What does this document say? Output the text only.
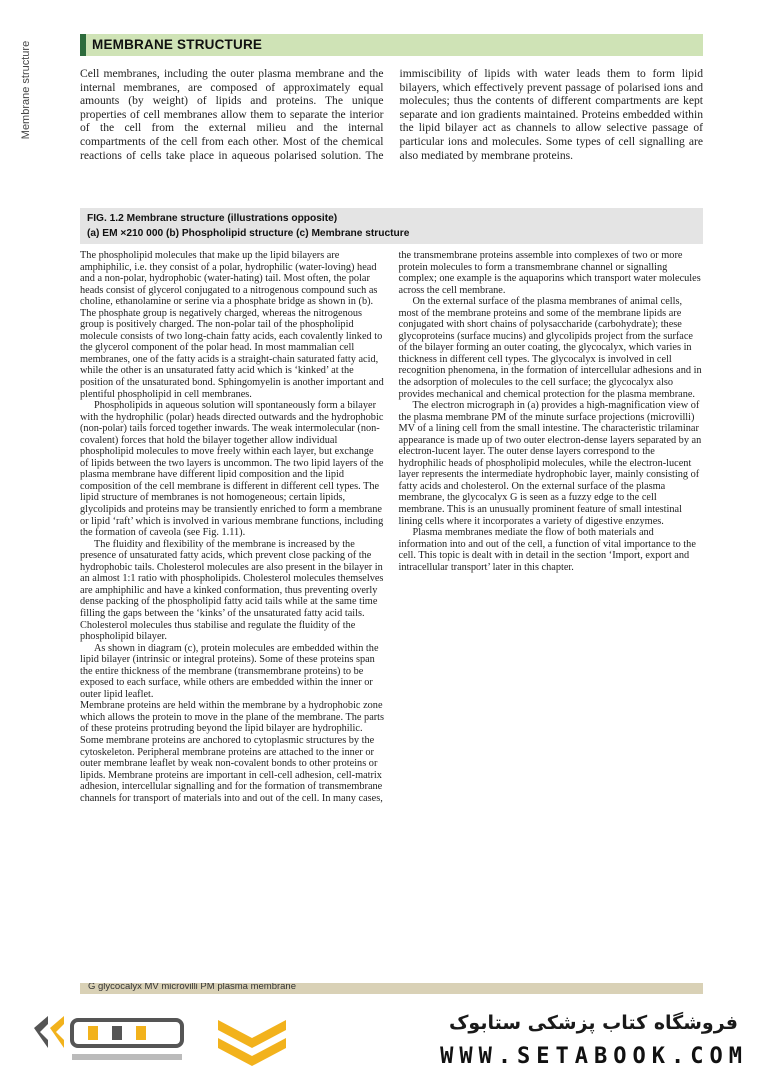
Membrane structure	MEMBRANE STRUCTURE

Cell membranes, including the outer plasma membrane and the internal membranes, are composed of approximately equal amounts (by weight) of lipids and proteins. The unique properties of cell membranes allow them to separate the interior of the cell from the external milieu and the internal compartments of the cell from each other. Most of the chemical reactions of cells take place in aqueous polarised solution. The immiscibility of lipids with water leads them to form lipid bilayers, which effectively prevent passage of polarised ions and molecules; thus the contents of different compartments are kept separate and ion gradients maintained. Proteins embedded within the lipid bilayer act as channels to allow selective passage of particular ions and molecules. Some types of cell signalling are also mediated by membrane proteins.

FIG. 1.2 Membrane structure (illustrations opposite)
(a) EM ×210 000 (b) Phospholipid structure (c) Membrane structure

The phospholipid molecules that make up the lipid bilayers are amphiphilic, i.e. they consist of a polar, hydrophilic (water-loving) head and a non-polar, hydrophobic (water-hating) tail. Most often, the polar heads consist of glycerol conjugated to a nitrogenous compound such as choline, ethanolamine or serine via a phosphate bridge as shown in (b). The phosphate group is negatively charged, whereas the nitrogenous group is positively charged. The non-polar tail of the phospholipid molecule consists of two long-chain fatty acids, each covalently linked to the glycerol component of the polar head. In most mammalian cell membranes, one of the fatty acids is a straight-chain saturated fatty acid, while the other is an unsaturated fatty acid which is ‘kinked’ at the position of the unsaturated bond. Sphingomyelin is another important and plentiful phospholipid in cell membranes.

Phospholipids in aqueous solution will spontaneously form a bilayer with the hydrophilic (polar) heads directed outwards and the hydrophobic (non-polar) tails forced together inwards. The weak intermolecular (non-covalent) forces that hold the bilayer together allow individual phospholipid molecules to move freely within each layer, but exchange of lipids between the two layers is uncommon. The two lipid layers of the plasma membrane have different lipid composition and the lipid composition of the cell membrane is different in different cell types. The lipid structure of membranes is not homogeneous; certain lipids, glycolipids and proteins may be transiently enriched to form a membrane or lipid ‘raft’ which is involved in various membrane functions, including the formation of caveola (see Fig. 1.11).

The fluidity and flexibility of the membrane is increased by the presence of unsaturated fatty acids, which prevent close packing of the hydrophobic tails. Cholesterol molecules are also present in the bilayer in an almost 1:1 ratio with phospholipids. Cholesterol molecules themselves are amphiphilic and have a kinked conformation, thus preventing overly dense packing of the phospholipid fatty acid tails while at the same time filling the gaps between the ‘kinks’ of the unsaturated fatty acid tails. Cholesterol molecules thus stabilise and regulate the fluidity of the phospholipid bilayer.

As shown in diagram (c), protein molecules are embedded within the lipid bilayer (intrinsic or integral proteins). Some of these proteins span the entire thickness of the membrane (transmembrane proteins) to be exposed to each surface, while others are embedded within the inner or outer lipid leaflet.

Membrane proteins are held within the membrane by a hydrophobic zone which allows the protein to move in the plane of the membrane. The parts of these proteins protruding beyond the lipid bilayer are hydrophilic. Some membrane proteins are anchored to cytoplasmic structures by the cytoskeleton. Peripheral membrane proteins are attached to the inner or outer membrane leaflet by weak non-covalent bonds to other proteins or lipids. Membrane proteins are important in cell-cell adhesion, cell-matrix adhesion, intercellular signalling and for the formation of transmembrane channels for transport of materials into and out of the cell. In many cases, the transmembrane proteins assemble into complexes of two or more protein molecules to form a transmembrane channel or signalling complex; one example is the aquaporins which transport water molecules across the cell membrane.

On the external surface of the plasma membranes of animal cells, most of the membrane proteins and some of the membrane lipids are conjugated with short chains of polysaccharide (carbohydrate); these glycoproteins (surface mucins) and glycolipids project from the surface of the bilayer forming an outer coating, the glycocalyx, which varies in thickness in different cell types. The glycocalyx is involved in cell recognition phenomena, in the formation of intercellular adhesions and in the adsorption of molecules to the cell surface; the glycocalyx also provides mechanical and chemical protection for the plasma membrane.

The electron micrograph in (a) provides a high-magnification view of the plasma membrane PM of the minute surface projections (microvilli) MV of a lining cell from the small intestine. The characteristic trilaminar appearance is made up of two outer electron-dense layers separated by an electron-lucent layer. The outer dense layers correspond to the hydrophilic heads of phospholipid molecules, while the electron-lucent layer represents the intermediate hydrophobic layer, mainly consisting of fatty acids and cholesterol. On the external surface of the plasma membrane, the glycocalyx G is seen as a fuzzy edge to the cell membrane. This is an unusually prominent feature of small intestinal lining cells where it incorporates a variety of digestive enzymes.

Plasma membranes mediate the flow of both materials and information into and out of the cell, a function of vital importance to the cell. This topic is dealt with in detail in the section ‘Import, export and intracellular transport’ later in this chapter.

G glycocalyx MV microvilli PM plasma membrane
فروشگاه کتاب پزشکی ستابوک
WWW.SETABOOK.COM
